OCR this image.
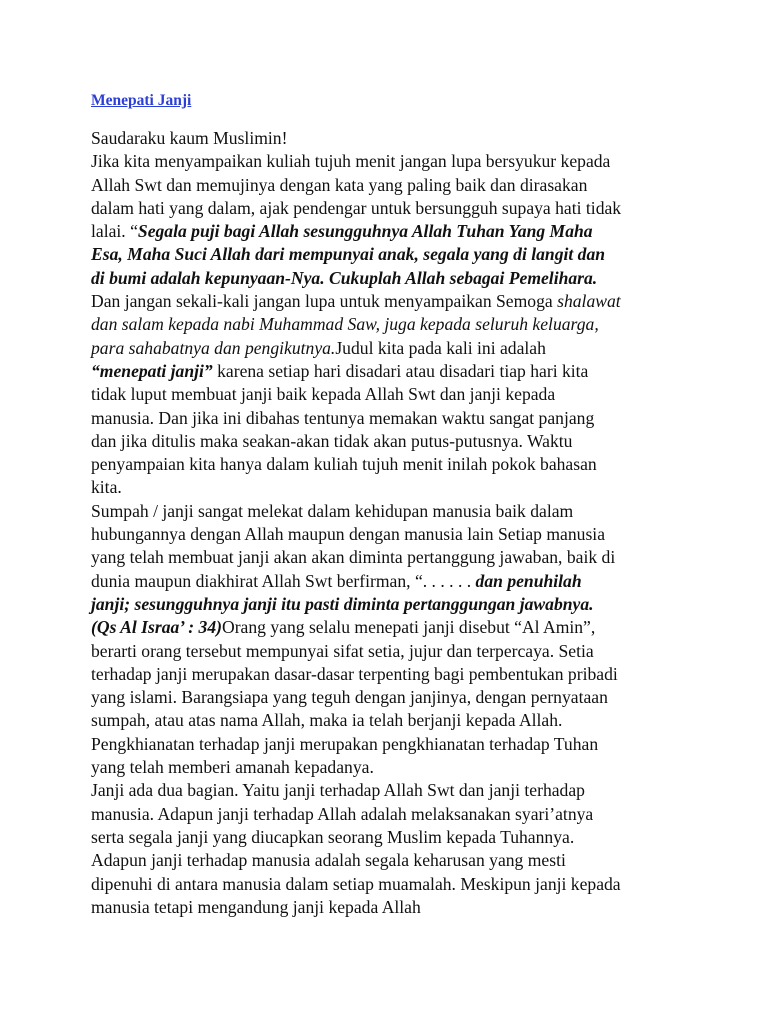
Menepati Janji
Saudaraku kaum Muslimin!
Jika kita menyampaikan kuliah tujuh menit jangan lupa bersyukur kepada
Allah Swt dan memujinya dengan kata yang paling baik dan dirasakan
dalam hati yang dalam, ajak pendengar untuk bersungguh supaya hati tidak
lalai. “Segala puji bagi Allah sesungguhnya Allah Tuhan Yang Maha
Esa, Maha Suci Allah dari mempunyai anak, segala yang di langit dan
di bumi adalah kepunyaan-Nya. Cukuplah Allah sebagai Pemelihara.
Dan jangan sekali-kali jangan lupa untuk menyampaikan Semoga shalawat
dan salam kepada nabi Muhammad Saw, juga kepada seluruh keluarga,
para sahabatnya dan pengikutnya.Judul kita pada kali ini adalah
“menepati janji” karena setiap hari disadari atau disadari tiap hari kita
tidak luput membuat janji baik kepada Allah Swt dan janji kepada
manusia. Dan jika ini dibahas tentunya memakan waktu sangat panjang
dan jika ditulis maka seakan-akan tidak akan putus-putusnya. Waktu
penyampaian kita hanya dalam kuliah tujuh menit inilah pokok bahasan
kita.
Sumpah / janji sangat melekat dalam kehidupan manusia baik dalam
hubungannya dengan Allah maupun dengan manusia lain Setiap manusia
yang telah membuat janji akan akan diminta pertanggung jawaban, baik di
dunia maupun diakhirat Allah Swt berfirman, “. . . . . . dan penuhilah
janji; sesungguhnya janji itu pasti diminta pertanggungan jawabnya.
(Qs Al Israa’ : 34)Orang yang selalu menepati janji disebut “Al Amin”,
berarti orang tersebut mempunyai sifat setia, jujur dan terpercaya. Setia
terhadap janji merupakan dasar-dasar terpenting bagi pembentukan pribadi
yang islami. Barangsiapa yang teguh dengan janjinya, dengan pernyataan
sumpah, atau atas nama Allah, maka ia telah berjanji kepada Allah.
Pengkhianatan terhadap janji merupakan pengkhianatan terhadap Tuhan
yang telah memberi amanah kepadanya.
Janji ada dua bagian. Yaitu janji terhadap Allah Swt dan janji terhadap
manusia. Adapun janji terhadap Allah adalah melaksanakan syari’atnya
serta segala janji yang diucapkan seorang Muslim kepada Tuhannya.
Adapun janji terhadap manusia adalah segala keharusan yang mesti
dipenuhi di antara manusia dalam setiap muamalah. Meskipun janji kepada
manusia tetapi mengandung janji kepada Allah
